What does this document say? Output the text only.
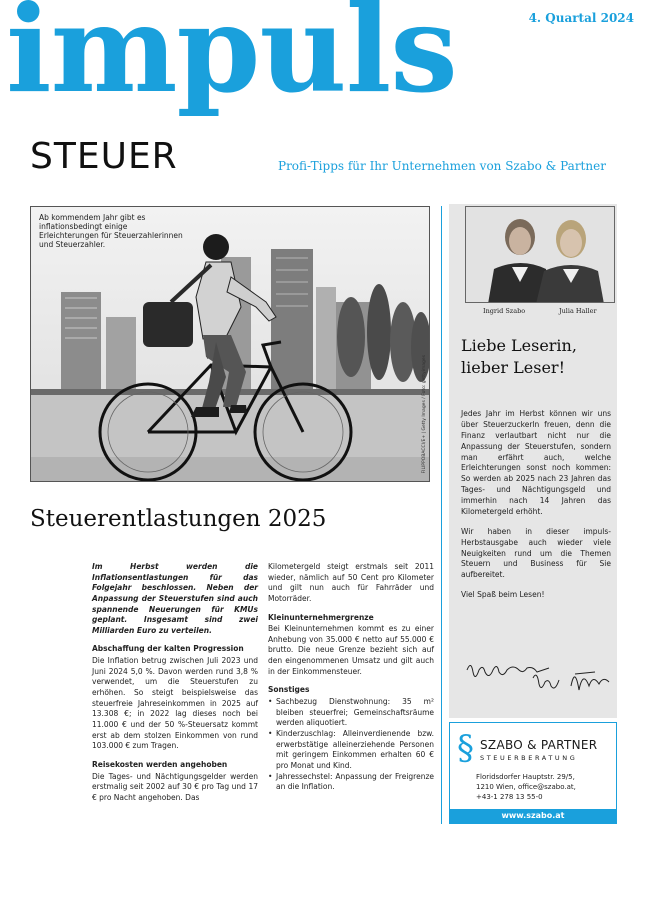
4. Quartal 2024
impuls
STEUER	Profi-Tipps für Ihr Unternehmen von Szabo & Partner
Ab kommendem Jahr gibt es inflationsbedingt einige Erleichterungen für Steuerzahlerinnen und Steuerzahler.
FILIPPOBACCI/E+ | Getty Images / Foto: gettyimages
Ingrid Szabo	Julia Haller
Liebe Leserin,
lieber Leser!

Jedes Jahr im Herbst können wir uns über Steuerzuckerln freuen, denn die Finanz verlautbart nicht nur die Anpassung der Steuerstufen, sondern man erfährt auch, welche Erleichterungen sonst noch kommen: So werden ab 2025 nach 23 Jahren das Tages- und Nächtigungsgeld und immerhin nach 14 Jahren das Kilometergeld erhöht.

Wir haben in dieser impuls-Herbstausgabe auch wieder viele Neuigkeiten rund um die Themen Steuern und Business für Sie aufbereitet.

Viel Spaß beim Lesen!

§ SZABO & PARTNER
STEUERBERATUNG
Floridsdorfer Hauptstr. 29/5,
1210 Wien, office@szabo.at,
+43-1 278 13 55-0
www.szabo.at
Steuerentlastungen 2025

Im Herbst werden die Inflationsentlastungen für das Folgejahr beschlossen. Neben der Anpassung der Steuerstufen sind auch spannende Neuerungen für KMUs geplant. Insgesamt sind zwei Milliarden Euro zu verteilen.

Abschaffung der kalten Progression

Die Inflation betrug zwischen Juli 2023 und Juni 2024 5,0 %. Davon werden rund 3,8 % verwendet, um die Steuerstufen zu erhöhen. So steigt beispielsweise das steuerfreie Jahreseinkommen in 2025 auf 13.308 €; in 2022 lag dieses noch bei 11.000 € und der 50 %-Steuersatz kommt erst ab dem stolzen Einkommen von rund 103.000 € zum Tragen.

Reisekosten werden angehoben

Die Tages- und Nächtigungsgelder werden erstmalig seit 2002 auf 30 € pro Tag und 17 € pro Nacht angehoben. Das

Kilometergeld steigt erstmals seit 2011 wieder, nämlich auf 50 Cent pro Kilometer und gilt nun auch für Fahrräder und Motorräder.

Kleinunternehmergrenze

Bei Kleinunternehmen kommt es zu einer Anhebung von 35.000 € netto auf 55.000 € brutto. Die neue Grenze bezieht sich auf den eingenommenen Umsatz und gilt auch in der Einkommensteuer.

Sonstiges
• Sachbezug Dienstwohnung: 35 m² bleiben steuerfrei; Gemeinschaftsräume werden aliquotiert.
• Kinderzuschlag: Alleinverdienende bzw. erwerbstätige alleinerziehende Personen mit geringem Einkommen erhalten 60 € pro Monat und Kind.
• Jahressechstel: Anpassung der Freigrenze an die Inflation.
